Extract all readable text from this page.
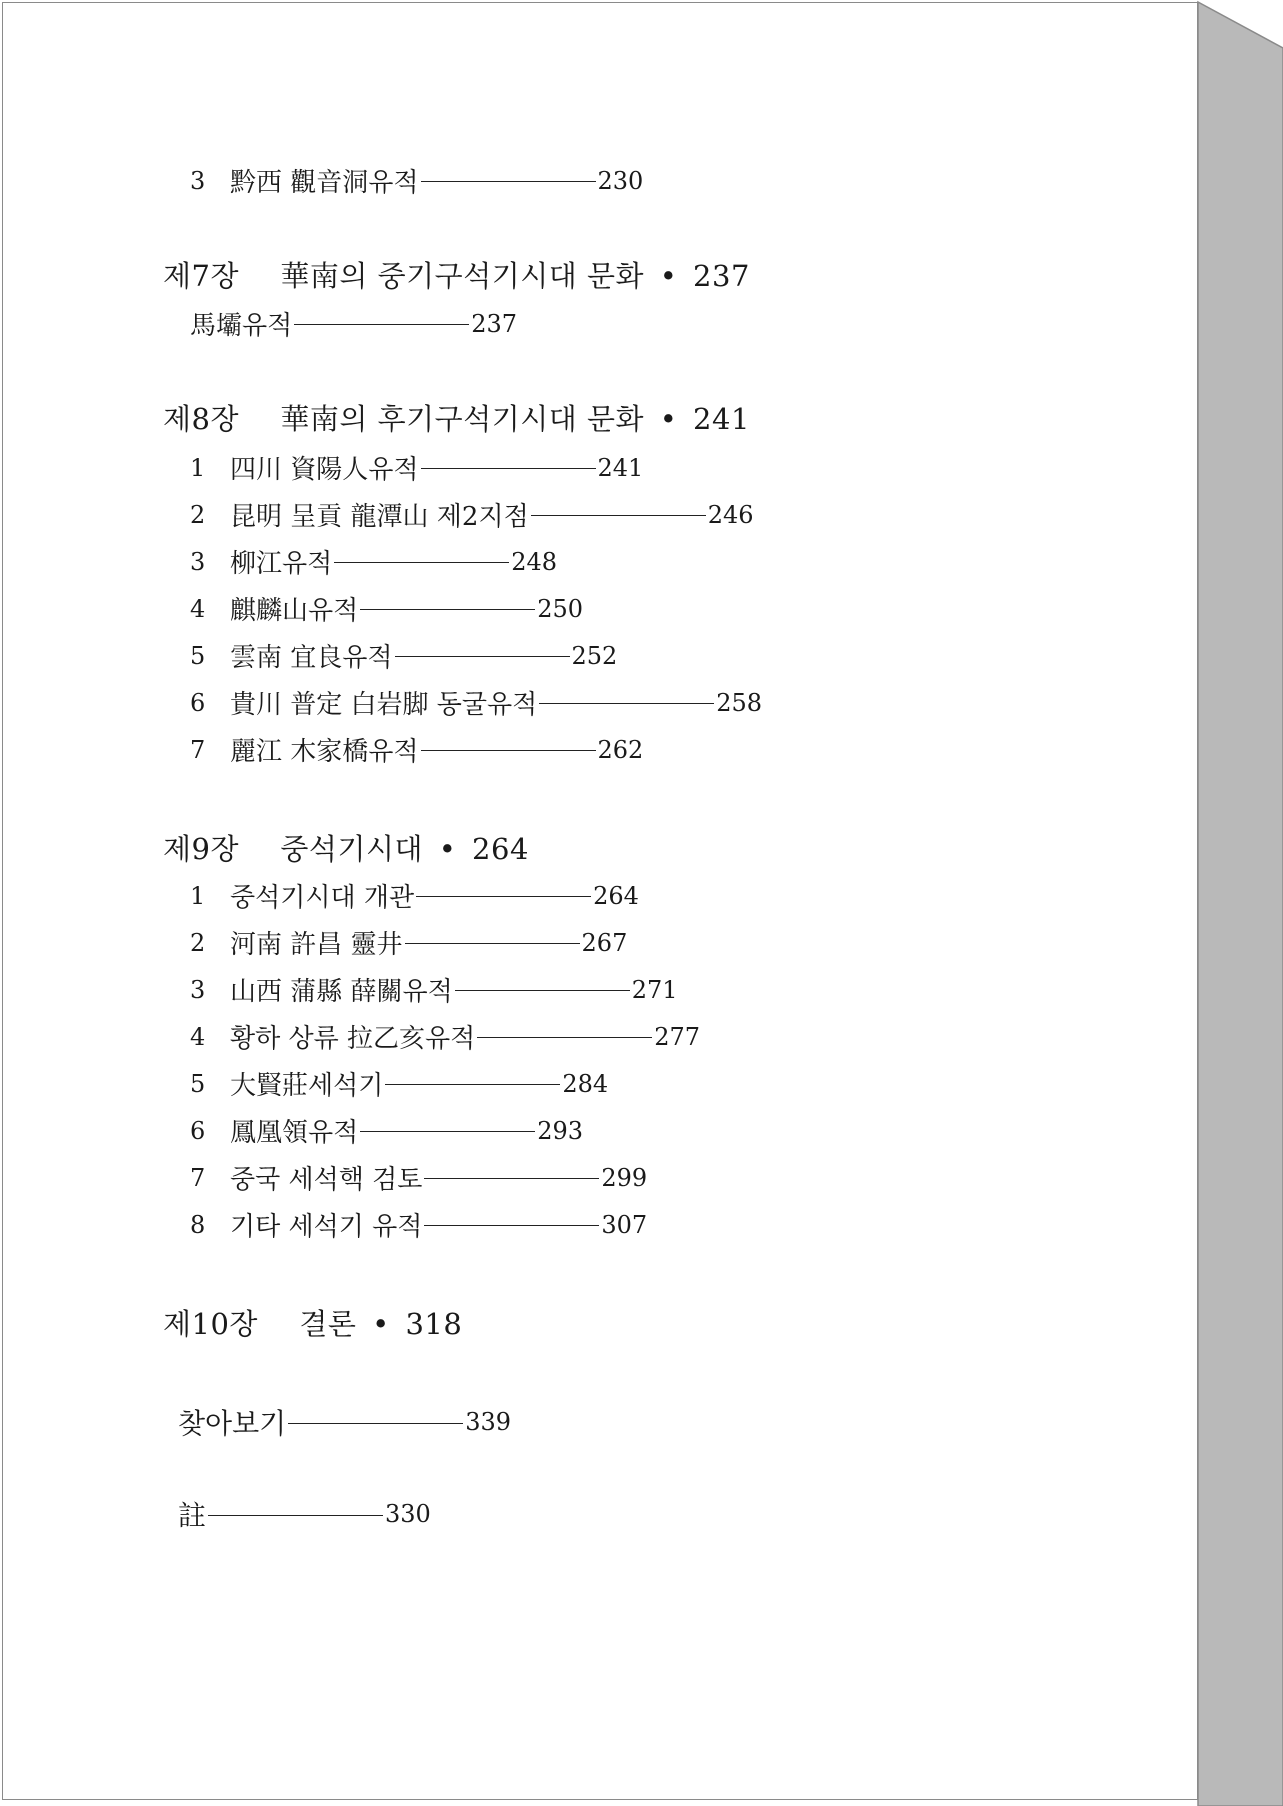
3 黔西 觀音洞유적	230
제7장 華南의 중기구석기시대 문화 • 237
馬壩유적	237
제8장 華南의 후기구석기시대 문화 • 241
1 四川 資陽人유적	241
2 昆明 呈貢 龍潭山 제2지점	246
3 柳江유적	248
4 麒麟山유적	250
5 雲南 宜良유적	252
6 貴川 普定 白岩脚 동굴유적	258
7 麗江 木家橋유적	262
제9장 중석기시대 • 264
1 중석기시대 개관	264
2 河南 許昌 靈井	267
3 山西 蒲縣 薛關유적	271
4 황하 상류 拉乙亥유적	277
5 大賢莊세석기	284
6 鳳凰領유적	293
7 중국 세석핵 검토	299
8 기타 세석기 유적	307
제10장 결론 • 318
찾아보기	339
註	330
